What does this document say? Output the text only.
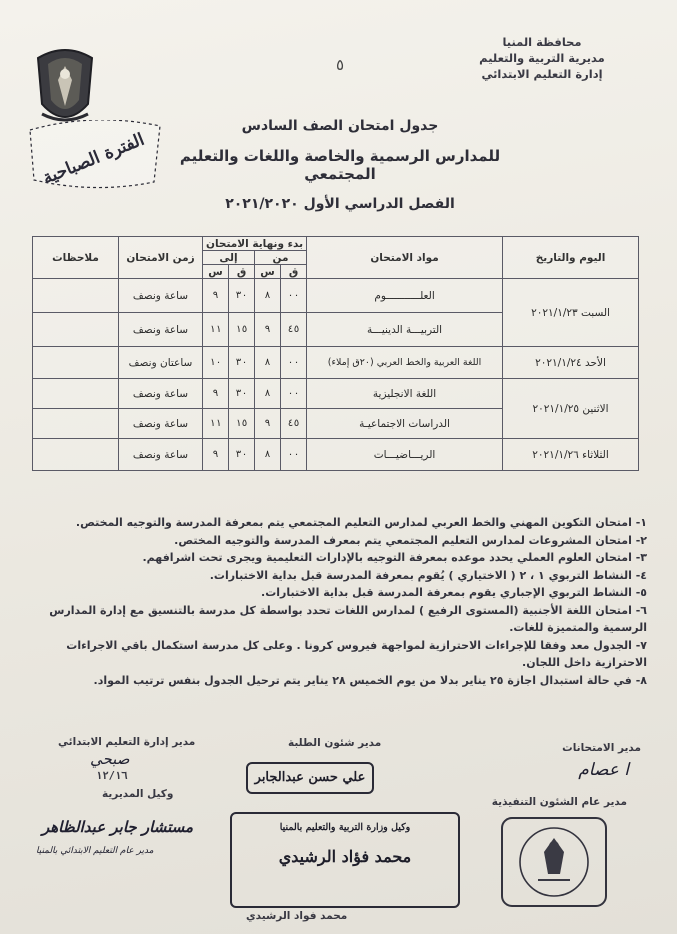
محافظة المنيا
مديرية التربية والتعليم
إدارة التعليم الابتدائي
٥
الفترة الصباحية
جدول امتحان الصف السادس
للمدارس الرسمية والخاصة واللغات والتعليم المجتمعي
الفصل الدراسي الأول ٢٠٢١/٢٠٢٠
اليوم والتاريخ	مواد الامتحان	بدء ونهاية الامتحان				زمن الامتحان	ملاحظات
		من		إلى			
		ق	س	ق	س		
السبت ٢٠٢١/١/٢٣	العلـــــــــــوم	٠٠	٨	٣٠	٩	ساعة ونصف	
	التربيـــة الدينيـــة	٤٥	٩	١٥	١١	ساعة ونصف	
الأحد ٢٠٢١/١/٢٤	اللغة العربية والخط العربي (٢٠ق إملاء)	٠٠	٨	٣٠	١٠	ساعتان ونصف	
الاثنين ٢٠٢١/١/٢٥	اللغة الانجليزية	٠٠	٨	٣٠	٩	ساعة ونصف	
	الدراسات الاجتماعيـة	٤٥	٩	١٥	١١	ساعة ونصف	
الثلاثاء ٢٠٢١/١/٢٦	الريـــاضيـــات	٠٠	٨	٣٠	٩	ساعة ونصف	
١- امتحان التكوين المهني والخط العربي لمدارس التعليم المجتمعي يتم بمعرفة المدرسة والتوجيه المختص.
٢- امتحان المشروعات لمدارس التعليم المجتمعي يتم بمعرف المدرسة والتوجيه المختص.
٣- امتحان العلوم العملي يحدد موعده بمعرفة التوجيه بالإدارات التعليمية ويجرى تحت اشرافهم.
٤- النشاط التربوي ١ ، ٢ ( الاختياري ) يُقوم بمعرفة المدرسة قبل بداية الاختبارات.
٥- النشاط التربوي الإجباري يقوم بمعرفة المدرسة قبل بداية الاختبارات.
٦- امتحان اللغة الأجنبية (المستوى الرفيع ) لمدارس اللغات تحدد بواسطة كل مدرسة بالتنسيق مع إدارة المدارس الرسمية والمتميزة للغات.
٧- الجدول معد وفقا للإجراءات الاحترازية لمواجهة فيروس كرونا . وعلى كل مدرسة استكمال باقي الاجراءات الاحترازية داخل اللجان.
٨- في حالة استبدال اجازة ٢٥ يناير بدلا من يوم الخميس ٢٨ يناير يتم ترحيل الجدول بنفس ترتيب المواد.
مدير الامتحانات
ا عصام
مدير شئون الطلبة
علي حسن عبدالجابر
مدير إدارة التعليم الابتدائي
صبحي
١٢/١٦
وكيل المديرية
مدير عام الشئون التنفيذية
مستشار جابر عبدالظاهر
مدير عام التعليم الابتدائي بالمنيا
وكيل وزارة التربية والتعليم بالمنيا
محمد فؤاد الرشيدي
محمد فواد الرشيدي
